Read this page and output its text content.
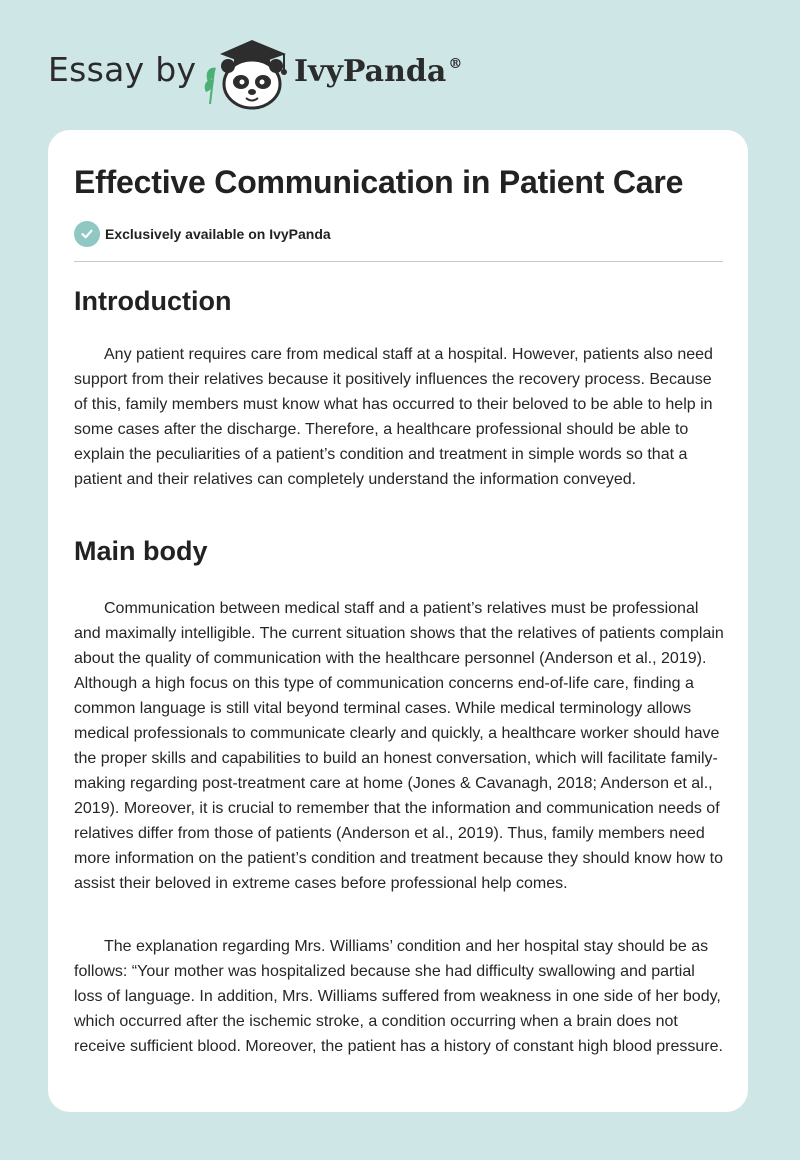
Essay by	IvyPanda ®
Effective Communication in Patient Care
Exclusively available on IvyPanda
Introduction

Any patient requires care from medical staff at a hospital. However, patients also need support from their relatives because it positively influences the recovery process. Because of this, family members must know what has occurred to their beloved to be able to help in some cases after the discharge. Therefore, a healthcare professional should be able to explain the peculiarities of a patient’s condition and treatment in simple words so that a patient and their relatives can completely understand the information conveyed.

Main body

Communication between medical staff and a patient’s relatives must be professional and maximally intelligible. The current situation shows that the relatives of patients complain about the quality of communication with the healthcare personnel (Anderson et al., 2019). Although a high focus on this type of communication concerns end-of-life care, finding a common language is still vital beyond terminal cases. While medical terminology allows medical professionals to communicate clearly and quickly, a healthcare worker should have the proper skills and capabilities to build an honest conversation, which will facilitate family-making regarding post-treatment care at home (Jones & Cavanagh, 2018; Anderson et al., 2019). Moreover, it is crucial to remember that the information and communication needs of relatives differ from those of patients (Anderson et al., 2019). Thus, family members need more information on the patient’s condition and treatment because they should know how to assist their beloved in extreme cases before professional help comes.

The explanation regarding Mrs. Williams’ condition and her hospital stay should be as follows: “Your mother was hospitalized because she had difficulty swallowing and partial loss of language. In addition, Mrs. Williams suffered from weakness in one side of her body, which occurred after the ischemic stroke, a condition occurring when a brain does not receive sufficient blood. Moreover, the patient has a history of constant high blood pressure.
